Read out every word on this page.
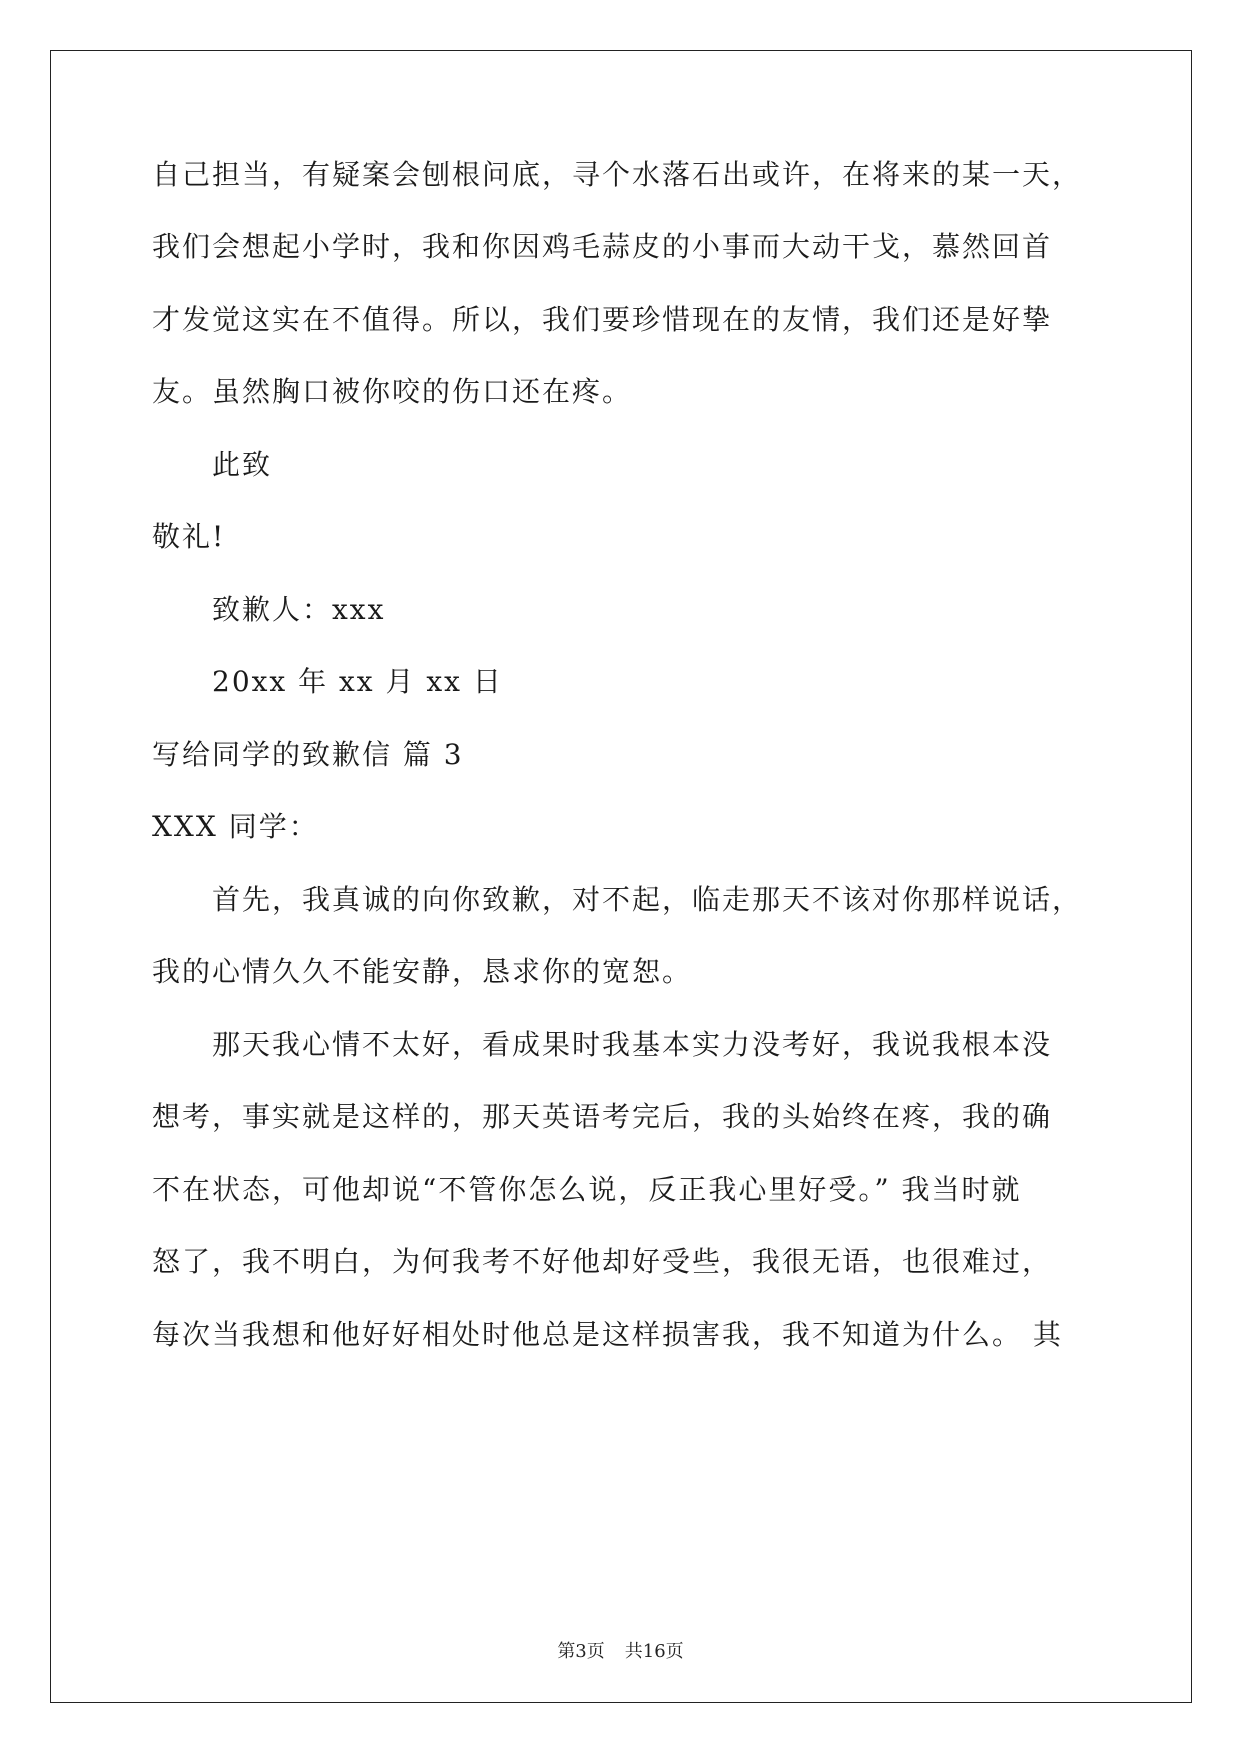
自己担当，有疑案会刨根问底，寻个水落石出或许，在将来的某一天，
我们会想起小学时，我和你因鸡毛蒜皮的小事而大动干戈，慕然回首
才发觉这实在不值得。所以，我们要珍惜现在的友情，我们还是好挚
友。虽然胸口被你咬的伤口还在疼。
此致
敬礼!
致歉人：xxx
20xx 年 xx 月 xx 日
写给同学的致歉信 篇 3
XXX 同学：
首先，我真诚的向你致歉，对不起，临走那天不该对你那样说话，
我的心情久久不能安静，恳求你的宽恕。
那天我心情不太好，看成果时我基本实力没考好，我说我根本没
想考，事实就是这样的，那天英语考完后，我的头始终在疼，我的确
不在状态，可他却说“不管你怎么说，反正我心里好受。” 我当时就
怒了，我不明白，为何我考不好他却好受些，我很无语，也很难过，
每次当我想和他好好相处时他总是这样损害我，我不知道为什么。 其
第3页 共16页
